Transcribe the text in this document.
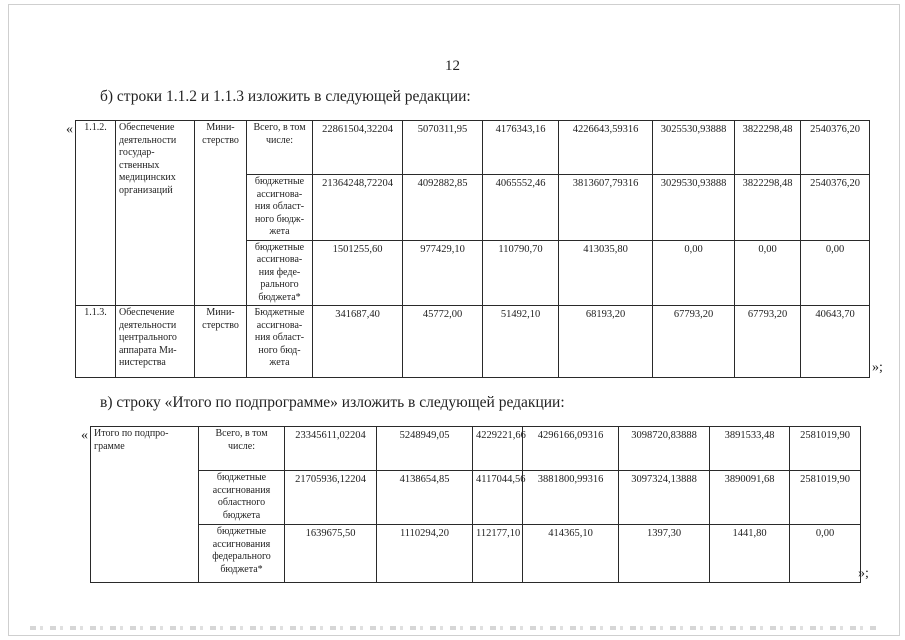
12
б) строки 1.1.2 и 1.1.3 изложить в следующей редакции:
« 1.1.2.	Обеспечение деятельности государ-ственных медицинских организаций	Мини-стерство	Всего, в том числе:	22861504,32204	5070311,95	4176343,16	4226643,59316	3025530,93888	3822298,48	2540376,20
			бюджетные ассигнова-ния област-ного бюдж-жета	21364248,72204	4092882,85	4065552,46	3813607,79316	3029530,93888	3822298,48	2540376,20
			бюджетные ассигнова-ния феде-рального бюджета*	1501255,60	977429,10	110790,70	413035,80	0,00	0,00	0,00
1.1.3.	Обеспечение деятельности центрального аппарата Ми-нистерства	Мини-стерство	Бюджетные ассигнова-ния област-ного бюд-жета	341687,40	45772,00	51492,10	68193,20	67793,20	67793,20	40643,70
»;
в) строку «Итого по подпрограмме» изложить в следующей редакции:
« Итого по подпро-грамме	Всего, в том числе:	23345611,02204	5248949,05	4229221,66	4296166,09316	3098720,83888	3891533,48	2581019,90
	бюджетные ассигнования областного бюджета	21705936,12204	4138654,85	4117044,56	3881800,99316	3097324,13888	3890091,68	2581019,90
	бюджетные ассигнования федерального бюджета*	1639675,50	1110294,20	112177,10	414365,10	1397,30	1441,80	0,00
»;
